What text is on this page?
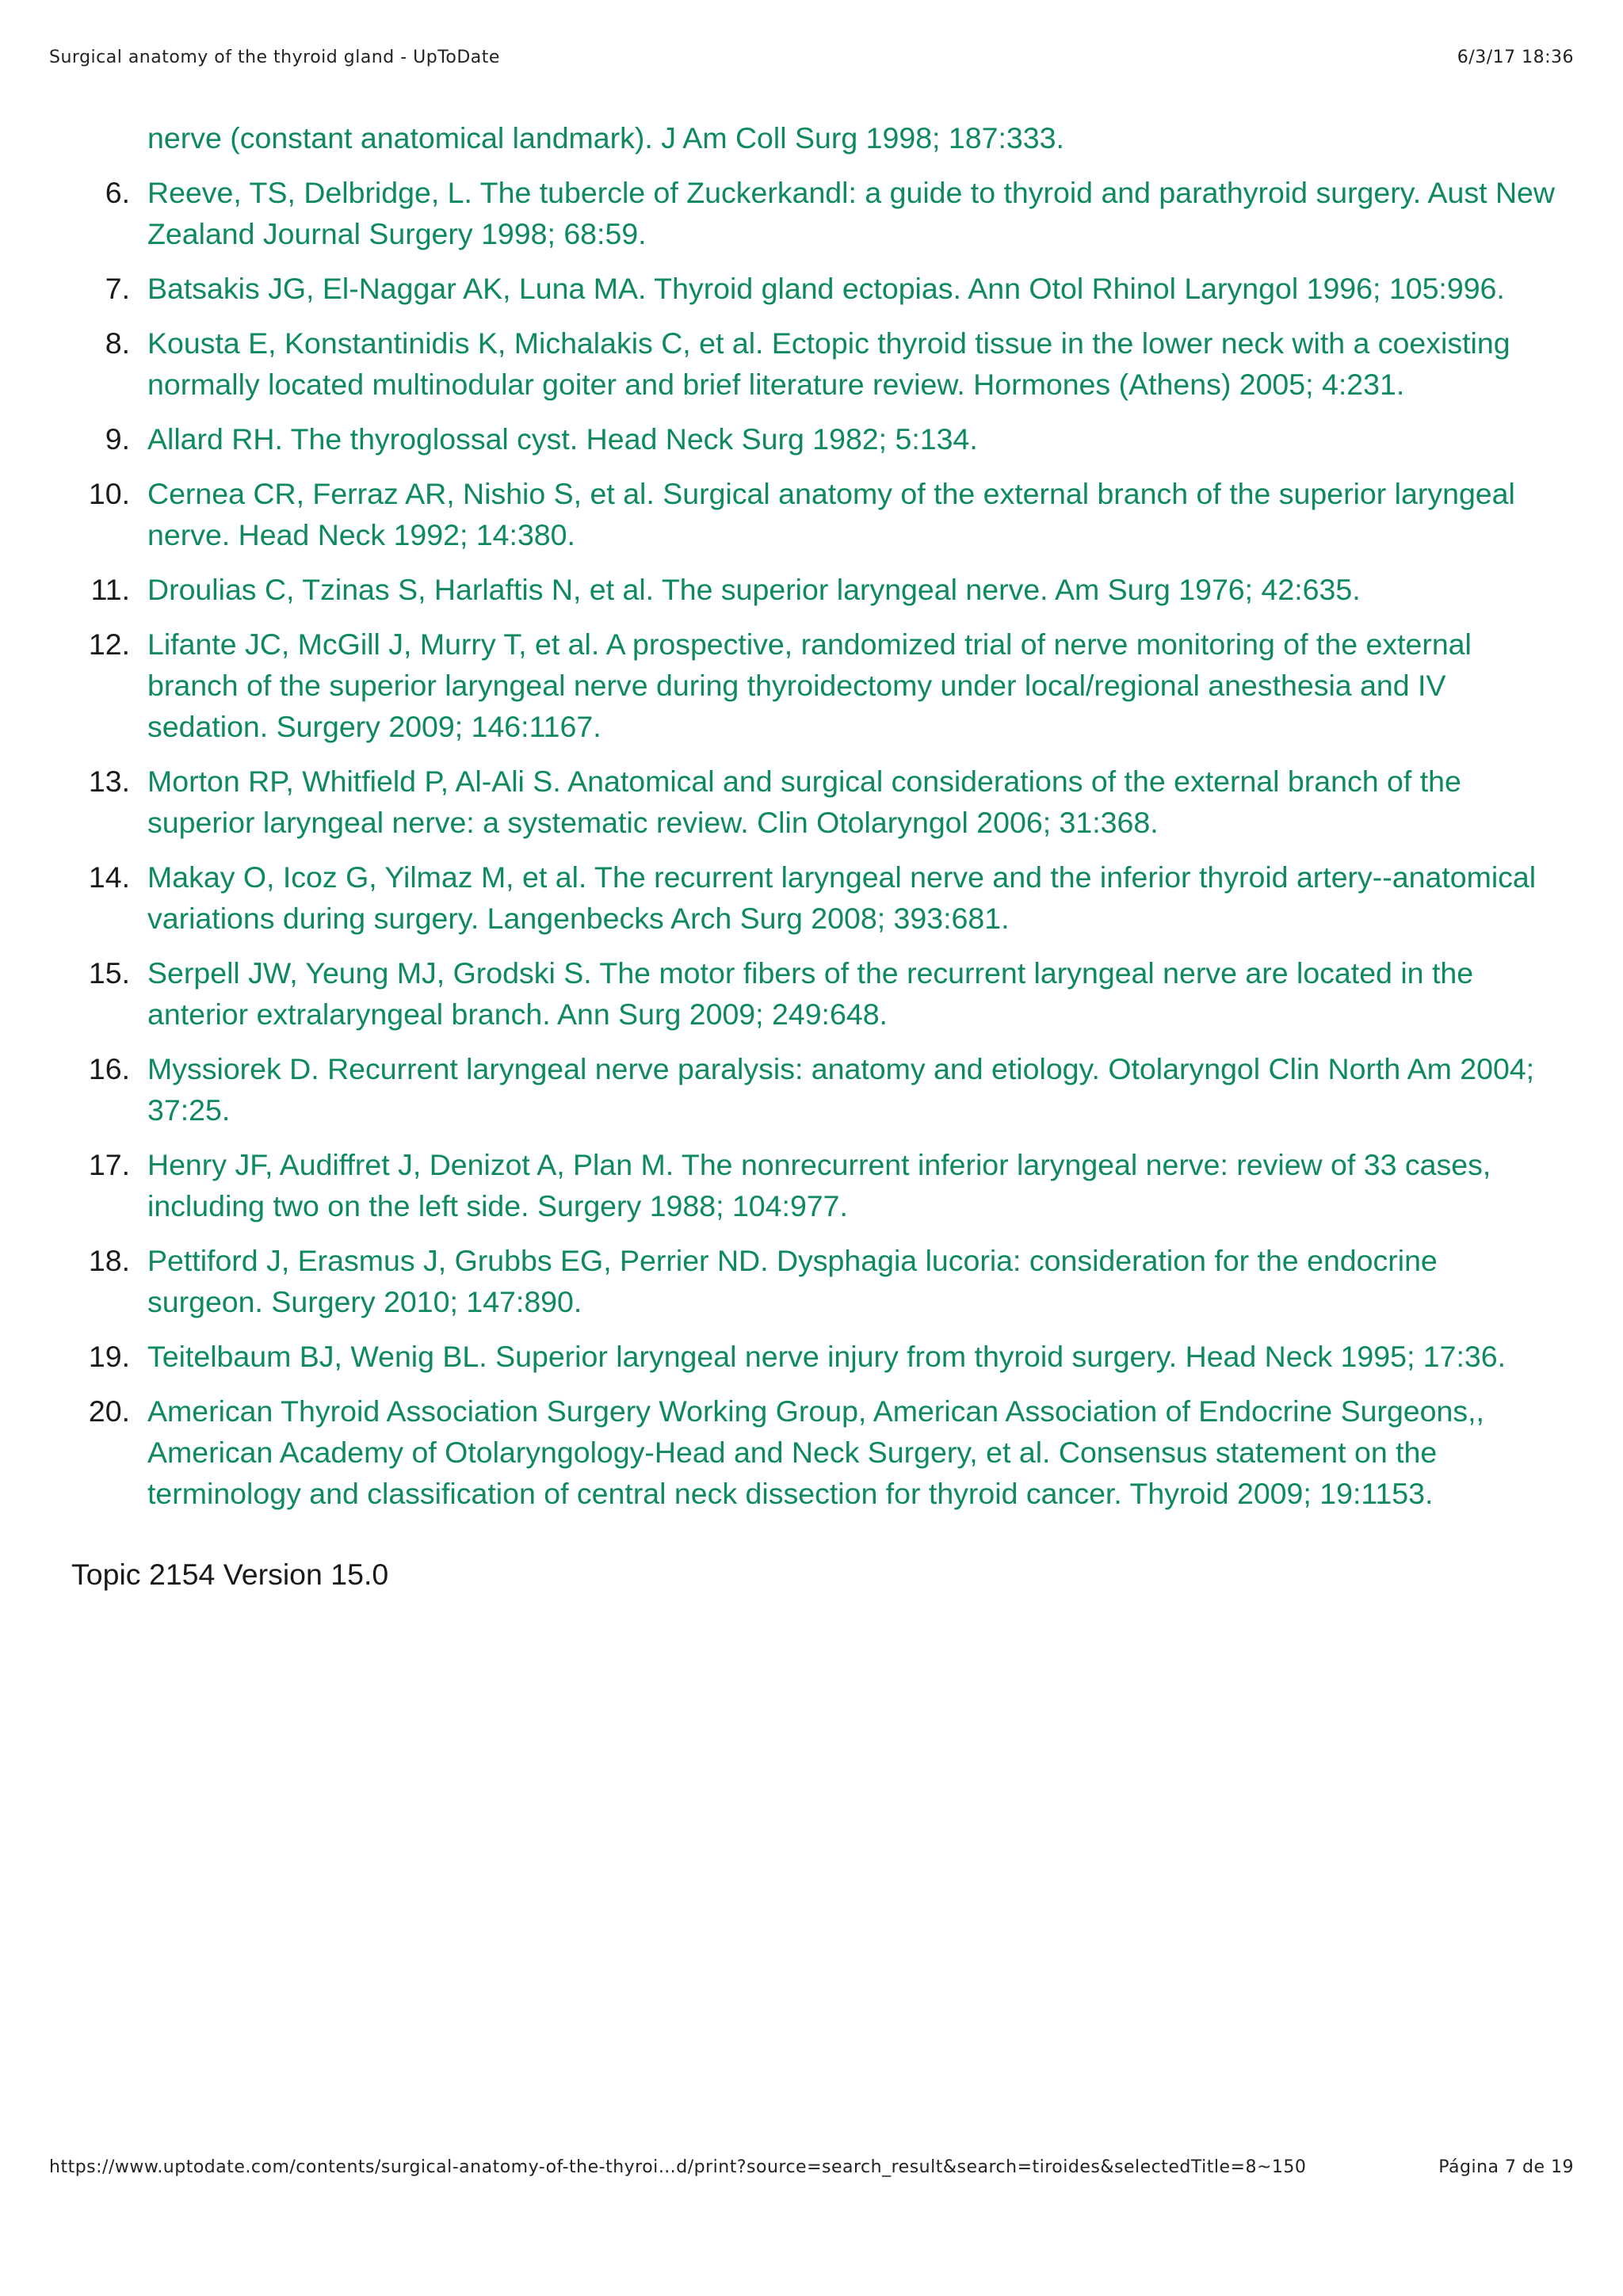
Surgical anatomy of the thyroid gland - UpToDate	6/3/17 18:36
nerve (constant anatomical landmark). J Am Coll Surg 1998; 187:333.
6. Reeve, TS, Delbridge, L. The tubercle of Zuckerkandl: a guide to thyroid and parathyroid surgery. Aust New Zealand Journal Surgery 1998; 68:59.
7. Batsakis JG, El-Naggar AK, Luna MA. Thyroid gland ectopias. Ann Otol Rhinol Laryngol 1996; 105:996.
8. Kousta E, Konstantinidis K, Michalakis C, et al. Ectopic thyroid tissue in the lower neck with a coexisting normally located multinodular goiter and brief literature review. Hormones (Athens) 2005; 4:231.
9. Allard RH. The thyroglossal cyst. Head Neck Surg 1982; 5:134.
10. Cernea CR, Ferraz AR, Nishio S, et al. Surgical anatomy of the external branch of the superior laryngeal nerve. Head Neck 1992; 14:380.
11. Droulias C, Tzinas S, Harlaftis N, et al. The superior laryngeal nerve. Am Surg 1976; 42:635.
12. Lifante JC, McGill J, Murry T, et al. A prospective, randomized trial of nerve monitoring of the external branch of the superior laryngeal nerve during thyroidectomy under local/regional anesthesia and IV sedation. Surgery 2009; 146:1167.
13. Morton RP, Whitfield P, Al-Ali S. Anatomical and surgical considerations of the external branch of the superior laryngeal nerve: a systematic review. Clin Otolaryngol 2006; 31:368.
14. Makay O, Icoz G, Yilmaz M, et al. The recurrent laryngeal nerve and the inferior thyroid artery--anatomical variations during surgery. Langenbecks Arch Surg 2008; 393:681.
15. Serpell JW, Yeung MJ, Grodski S. The motor fibers of the recurrent laryngeal nerve are located in the anterior extralaryngeal branch. Ann Surg 2009; 249:648.
16. Myssiorek D. Recurrent laryngeal nerve paralysis: anatomy and etiology. Otolaryngol Clin North Am 2004; 37:25.
17. Henry JF, Audiffret J, Denizot A, Plan M. The nonrecurrent inferior laryngeal nerve: review of 33 cases, including two on the left side. Surgery 1988; 104:977.
18. Pettiford J, Erasmus J, Grubbs EG, Perrier ND. Dysphagia lucoria: consideration for the endocrine surgeon. Surgery 2010; 147:890.
19. Teitelbaum BJ, Wenig BL. Superior laryngeal nerve injury from thyroid surgery. Head Neck 1995; 17:36.
20. American Thyroid Association Surgery Working Group, American Association of Endocrine Surgeons,, American Academy of Otolaryngology-Head and Neck Surgery, et al. Consensus statement on the terminology and classification of central neck dissection for thyroid cancer. Thyroid 2009; 19:1153.
Topic 2154 Version 15.0
https://www.uptodate.com/contents/surgical-anatomy-of-the-thyroi…d/print?source=search_result&search=tiroides&selectedTitle=8~150	Página 7 de 19
